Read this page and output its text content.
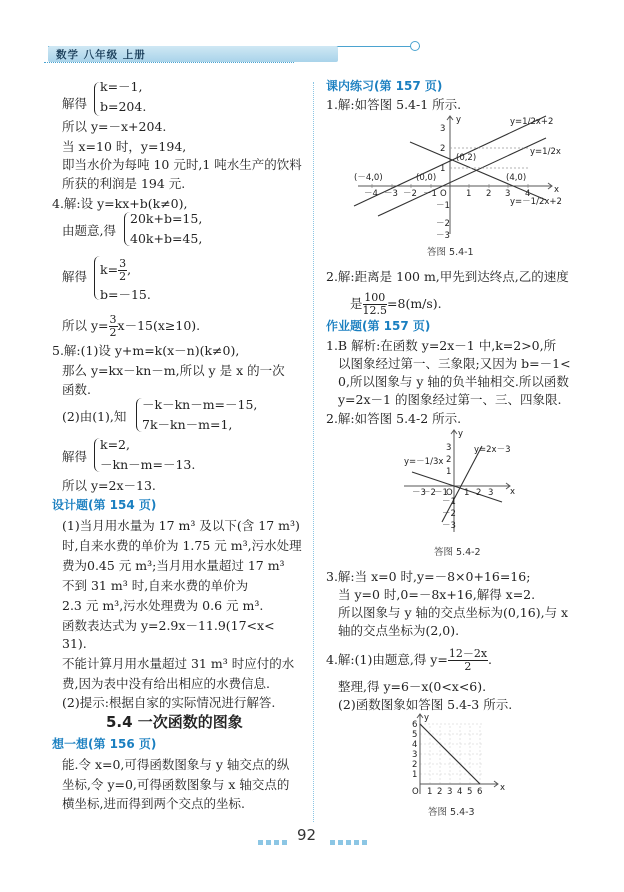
数学 八年级 上册
解得
k=－1,
b=204.
所以 y=－x+204.
当 x=10 时，y=194,
即当水价为每吨 10 元时,1 吨水生产的饮料
所获的利润是 194 元.
4.解:设 y=kx+b(k≠0),
由题意,得
20k+b=15,
40k+b=45,
解得 $k= \frac{3}{2}$ ,
b=－15.
所以 $y= \frac{3}{2} x-15(x\ge 10)$.
5.解:(1)设 y+m=k(x－n)(k≠0),
那么 y=kx－kn－m,所以 y 是 x 的一次
函数.
(2)由(1),知
－k－kn－m=－15,
7k－kn－m=1,
解得
k=2,
－kn－m=－13.
所以 y=2x－13.
设计题(第 154 页)
(1)当月用水量为 17 m³ 及以下(含 17 m³)
时,自来水费的单价为 1.75 元 m³,污水处理
费为0.45 元 m³;当月用水量超过 17 m³
不到 31 m³ 时,自来水费的单价为
2.3 元 m³,污水处理费为 0.6 元 m³.
函数表达式为 y=2.9x－11.9(17<x<
31).
不能计算月用水量超过 31 m³ 时应付的水
费,因为表中没有给出相应的水费信息.
(2)提示:根据自家的实际情况进行解答.
5.4 一次函数的图象
想一想(第 156 页)
能.令 x=0,可得函数图象与 y 轴交点的纵
坐标,令 y=0,可得函数图象与 x 轴交点的
横坐标,进而得到两个交点的坐标.
课内练习(第 157 页)
1.解:如答图 5.4-1 所示.
y=1/2x+2
y=1/2x
y=－1/2x+2
(0,2)
(－4,0)	(0,0)	(4,0)
x
y
O
－4 －3 －2 －1	1 2 3 4
3
2
1
－1
－2
－3
答图 5.4-1
2.解:距离是 100 m,甲先到达终点,乙的速度
是 $\frac{100}{12.5} =8(m/s)$.
作业题(第 157 页)
1.B 解析:在函数 y=2x－1 中,k=2>0,所
以图象经过第一、三象限;又因为 b=－1<
0,所以图象与 y 轴的负半轴相交.所以函数
y=2x－1 的图象经过第一、三、四象限.
2.解:如答图 5.4-2 所示.
y=－1/3x
y=2x－3
x
y
O
－3
－2
－1 1 2 3
3
2
1
－1
－2
－3
答图 5.4-2
3.解:当 x=0 时,y=－8×0+16=16;
当 y=0 时,0=－8x+16,解得 x=2.
所以图象与 y 轴的交点坐标为(0,16),与 x
轴的交点坐标为(2,0).
4.解:(1)由题意,得 $y= \frac{12-2x}{2}$ .
整理,得 y=6－x(0<x<6).
(2)函数图象如答图 5.4-3 所示.
x
y
O 1 2 3 4 5 6
1
2
3
4
5
6
答图 5.4-3
92
